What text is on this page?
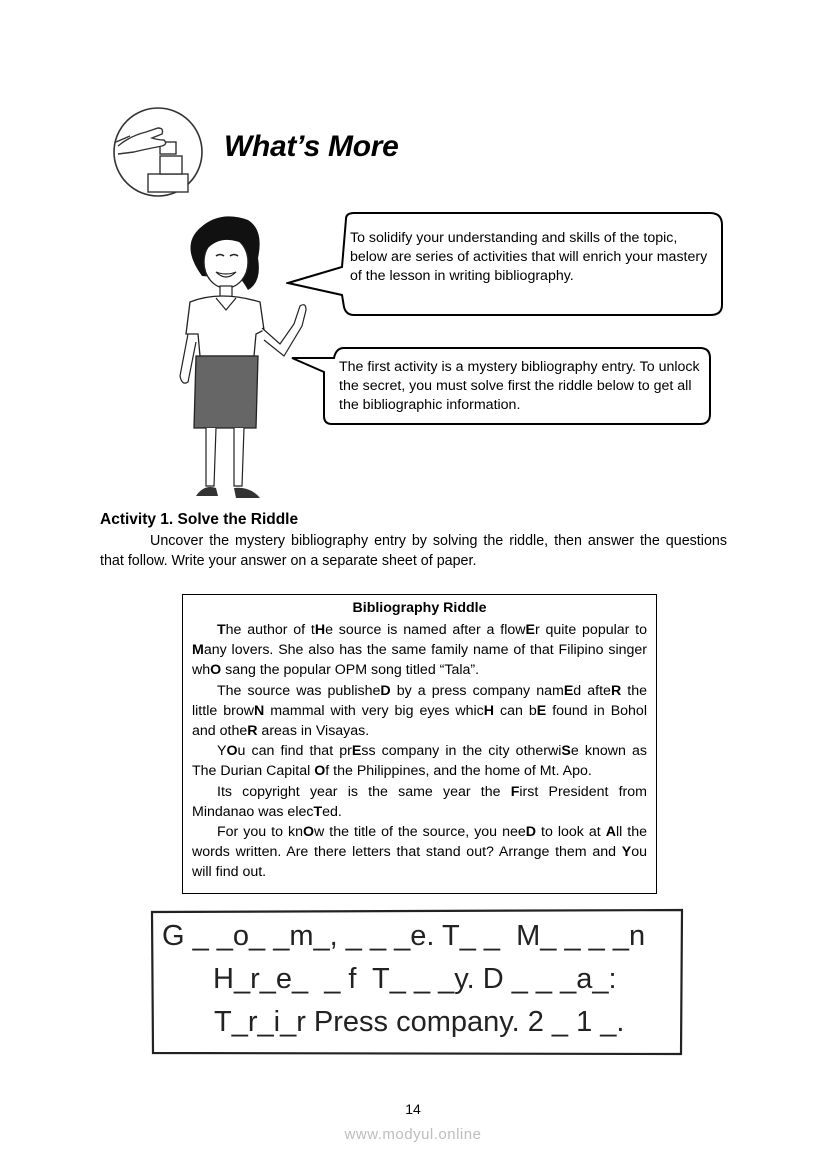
What’s More
To solidify your understanding and skills of the topic, below are series of activities that will enrich your mastery of the lesson in writing bibliography.
The first activity is a mystery bibliography entry. To unlock the secret, you must solve first the riddle below to get all the bibliographic information.
Activity 1. Solve the Riddle
Uncover the mystery bibliography entry by solving the riddle, then answer the questions that follow. Write your answer on a separate sheet of paper.
Bibliography Riddle

The author of tHe source is named after a flowEr quite popular to Many lovers. She also has the same family name of that Filipino singer whO sang the popular OPM song titled “Tala”.

The source was publisheD by a press company namEd afteR the little browN mammal with very big eyes whicH can bE found in Bohol and otheR areas in Visayas.

YOu can find that prEss company in the city otherwiSe known as The Durian Capital Of the Philippines, and the home of Mt. Apo.

Its copyright year is the same year the First President from Mindanao was elecTed.

For you to knOw the title of the source, you neeD to look at All the words written. Are there letters that stand out? Arrange them and You will find out.

G _ _o_ _m_, _ _ _e. T_ _  M_ _ _ _n
H_r_e_  _ f  T_ _ _y. D _ _ _a_:
T_r_i_r Press company. 2 _ 1 _.
14
www.modyul.online
